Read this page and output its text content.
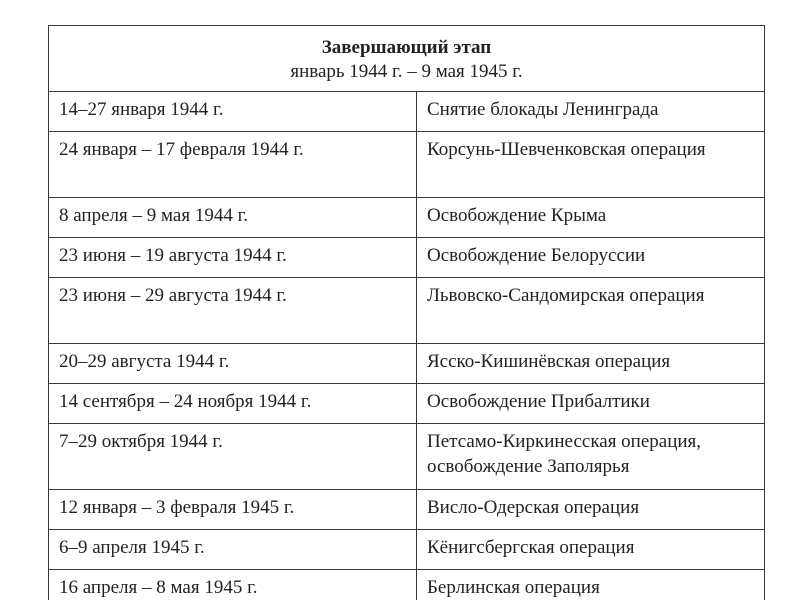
Завершающий этап
январь 1944 г. – 9 мая 1945 г.	

14–27 января 1944 г.	Снятие блокады Ленинграда
24 января – 17 февраля 1944 г.	Корсунь-Шевченковская операция
8 апреля – 9 мая 1944 г.	Освобождение Крыма
23 июня – 19 августа 1944 г.	Освобождение Белоруссии
23 июня – 29 августа 1944 г.	Львовско-Сандомирская операция
20–29 августа 1944 г.	Ясско-Кишинёвская операция
14 сентября – 24 ноября 1944 г.	Освобождение Прибалтики
7–29 октября 1944 г.	Петсамо-Киркинесская операция, освобождение Заполярья
12 января – 3 февраля 1945 г.	Висло-Одерская операция
6–9 апреля 1945 г.	Кёнигсбергская операция
16 апреля – 8 мая 1945 г.	Берлинская операция
